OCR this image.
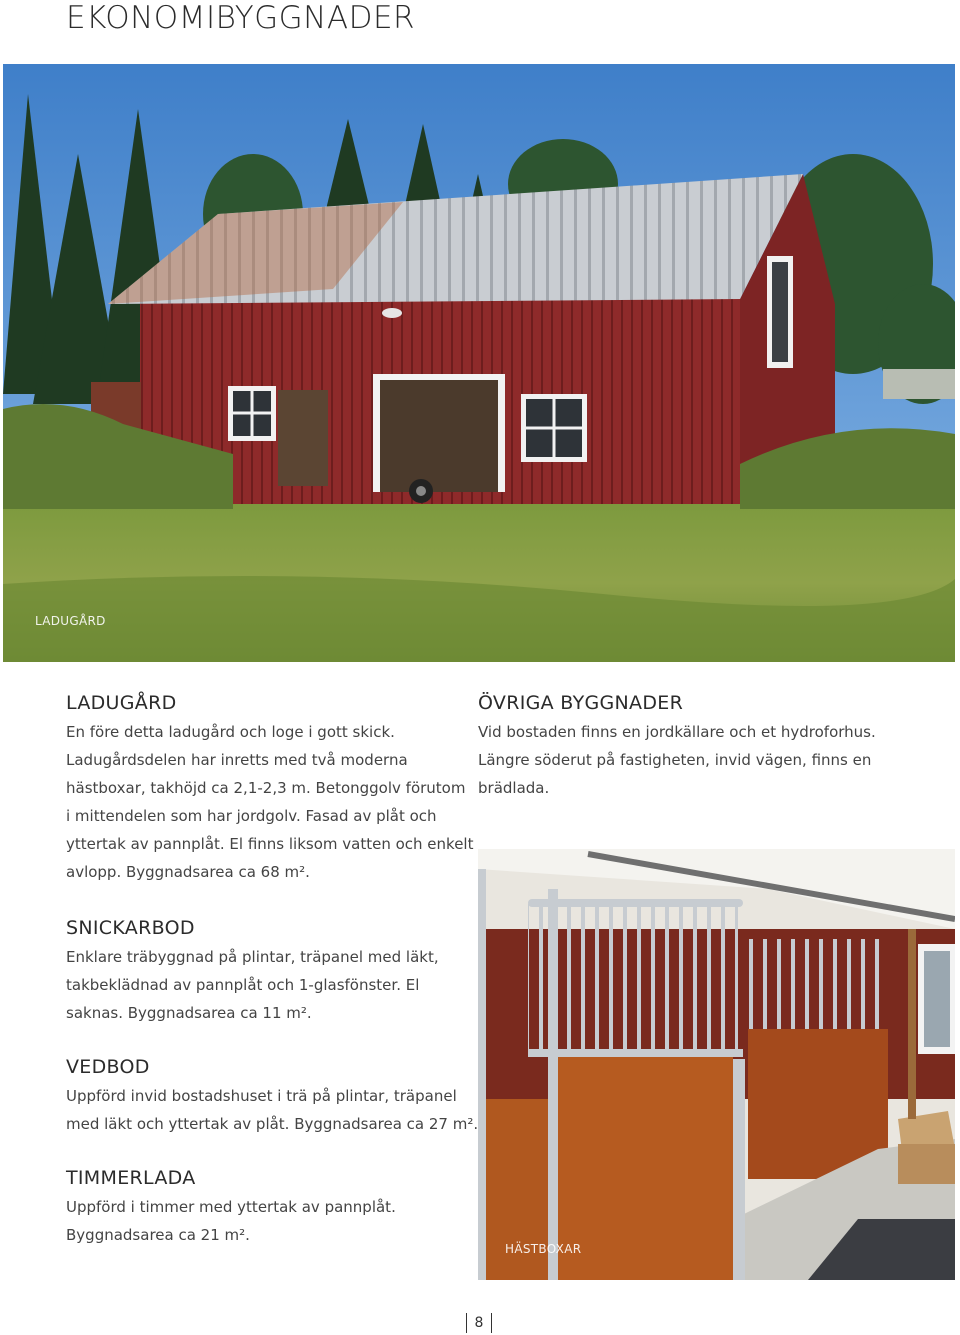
EKONOMIBYGGNADER
LADUGÅRD
LADUGÅRD

En före detta ladugård och loge i gott skick.
Ladugårdsdelen har inretts med två moderna
hästboxar, takhöjd ca 2,1-2,3 m. Betonggolv förutom
i mittendelen som har jordgolv. Fasad av plåt och
yttertak av pannplåt. El finns liksom vatten och enkelt
avlopp. Byggnadsarea ca 68 m².

SNICKARBOD

Enklare träbyggnad på plintar, träpanel med läkt,
takbeklädnad av pannplåt och 1-glasfönster. El
saknas. Byggnadsarea ca 11 m².

VEDBOD

Uppförd invid bostadshuset i trä på plintar, träpanel
med läkt och yttertak av plåt. Byggnadsarea ca 27 m².

TIMMERLADA

Uppförd i timmer med yttertak av pannplåt.
Byggnadsarea ca 21 m².

ÖVRIGA BYGGNADER

Vid bostaden finns en jordkällare och et hydroforhus.
Längre söderut på fastigheten, invid vägen, finns en
brädlada.

HÄSTBOXAR
8
